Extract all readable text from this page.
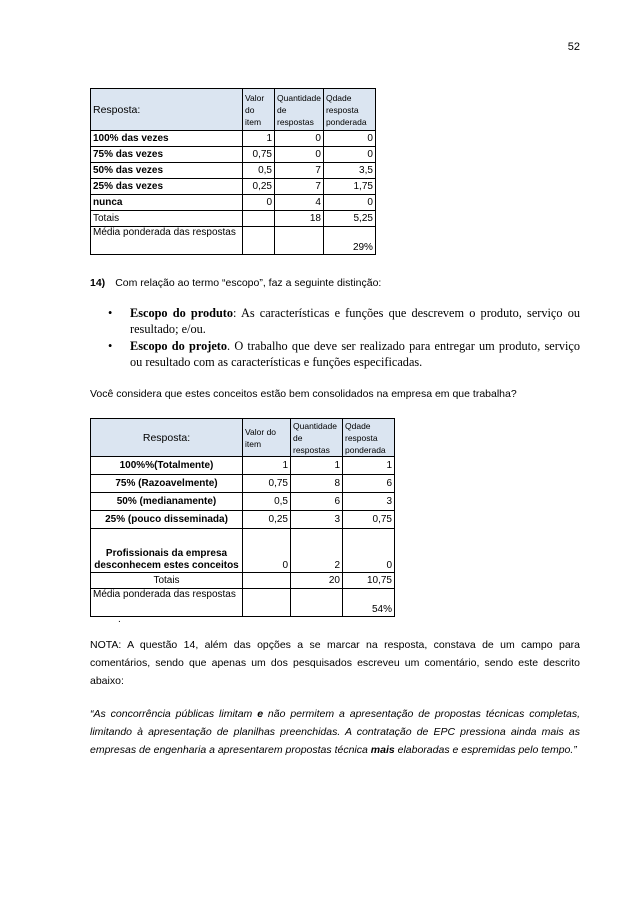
52
Resposta:	Valor do item	Quantidade de respostas	Qdade resposta ponderada
100% das vezes	1	0	0
75% das vezes	0,75	0	0
50% das vezes	0,5	7	3,5
25% das vezes	0,25	7	1,75
nunca	0	4	0
Totais		18	5,25
Média ponderada das respostas			29%
14) Com relação ao termo “escopo”, faz a seguinte distinção:
• Escopo do produto: As características e funções que descrevem o produto, serviço ou resultado; e/ou.
• Escopo do projeto. O trabalho que deve ser realizado para entregar um produto, serviço ou resultado com as características e funções especificadas.
Você considera que estes conceitos estão bem consolidados na empresa em que trabalha?
Resposta:	Valor do item	Quantidade de respostas	Qdade resposta ponderada
100%%(Totalmente)	1	1	1
75% (Razoavelmente)	0,75	8	6
50% (medianamente)	0,5	6	3
25% (pouco disseminada)	0,25	3	0,75
Profissionais da empresa desconhecem estes conceitos	0	2	0
Totais		20	10,75
Média ponderada das respostas			54%
.
NOTA: A questão 14, além das opções a se marcar na resposta, constava de um campo para comentários, sendo que apenas um dos pesquisados escreveu um comentário, sendo este descrito abaixo:
“As concorrência públicas limitam e não permitem a apresentação de propostas técnicas completas, limitando à apresentação de planilhas preenchidas. A contratação de EPC pressiona ainda mais as empresas de engenharia a apresentarem propostas técnica mais elaboradas e espremidas pelo tempo.”
